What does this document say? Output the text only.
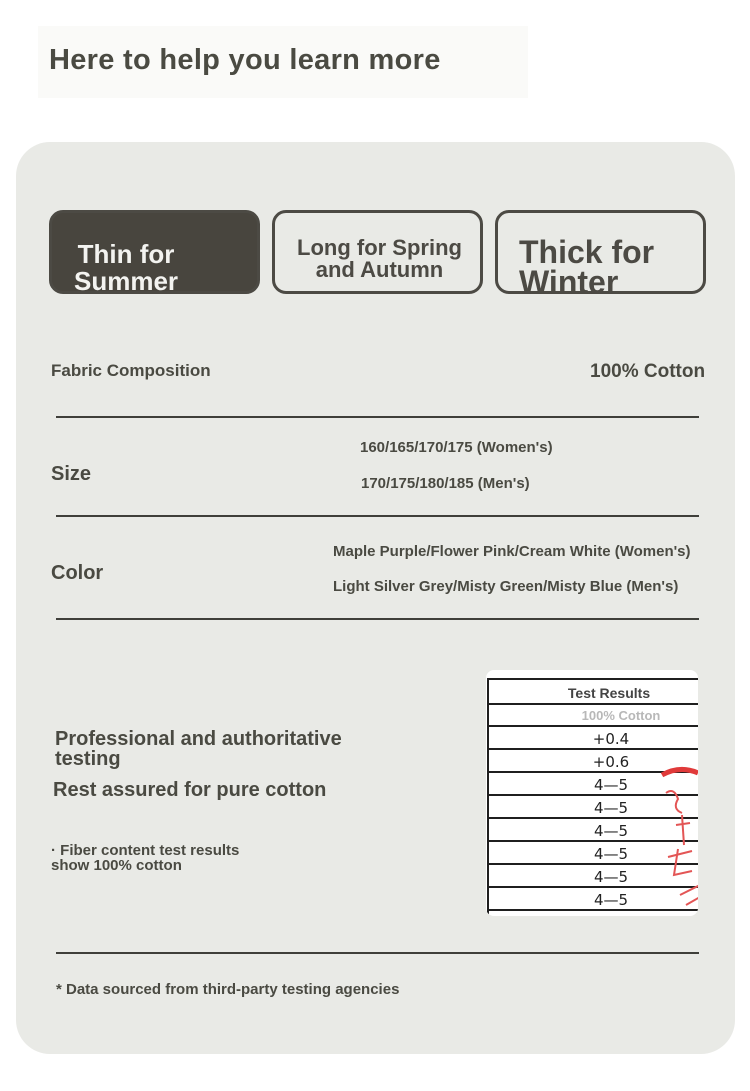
Here to help you learn more
Thin for
Summer
Long for Spring
and Autumn	Thick for
Winter
Fabric Composition	100% Cotton
Size
160/165/170/175 (Women's)
170/175/180/185 (Men's)
Color
Maple Purple/Flower Pink/Cream White (Women's)
Light Silver Grey/Misty Green/Misty Blue (Men's)
Professional and authoritative
testing
Rest assured for pure cotton
· Fiber content test results
show 100% cotton
Test Results
100% Cotton
+0.4
+0.6
4—5
4—5
4—5
4—5
4—5
4—5
* Data sourced from third-party testing agencies
